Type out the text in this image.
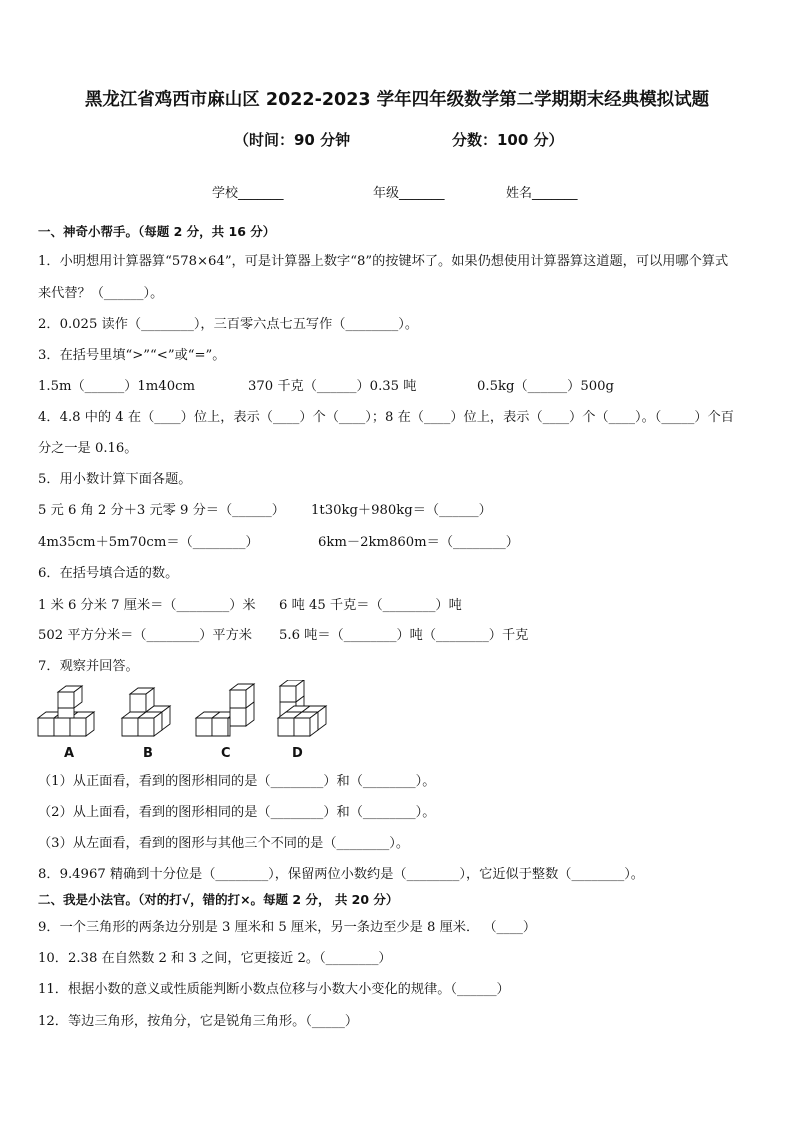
黑龙江省鸡西市麻山区 2022-2023 学年四年级数学第二学期期末经典模拟试题
（时间：90 分钟	分数：100 分）
学校_______	年级_______	姓名_______
一、神奇小帮手。（每题 2 分，共 16 分）
1．小明想用计算器算“578×64”，可是计算器上数字“8”的按键坏了。如果仍想使用计算器算这道题，可以用哪个算式
来代替？（______）。
2．0.025 读作（________），三百零六点七五写作（________）。
3．在括号里填“>”“<”或“=”。
1.5m（______）1m40cm	370 千克（______）0.35 吨	0.5kg（______）500g
4．4.8 中的 4 在（____）位上，表示（____）个（____）；8 在（____）位上，表示（____）个（____）。（_____）个百
分之一是 0.16。
5．用小数计算下面各题。
5 元 6 角 2 分＋3 元零 9 分＝（______） 1t30kg＋980kg＝（______）
4m35cm＋5m70cm＝（________）	6km－2km860m＝（________）
6．在括号填合适的数。
1 米 6 分米 7 厘米＝（________）米 6 吨 45 千克＝（________）吨
502 平方分米＝（________）平方米 5.6 吨＝（________）吨（________）千克
7．观察并回答。
A	B	C	D
（1）从正面看，看到的图形相同的是（________）和（________）。
（2）从上面看，看到的图形相同的是（________）和（________）。
（3）从左面看，看到的图形与其他三个不同的是（________）。
8．9.4967 精确到十分位是（________），保留两位小数约是（________），它近似于整数（________）。
二、我是小法官。（对的打√，错的打×。每题 2 分， 共 20 分）
9．一个三角形的两条边分别是 3 厘米和 5 厘米，另一条边至少是 8 厘米． （____）
10．2.38 在自然数 2 和 3 之间，它更接近 2。（________）
11．根据小数的意义或性质能判断小数点位移与小数大小变化的规律。（______）
12．等边三角形，按角分，它是锐角三角形。（_____）
